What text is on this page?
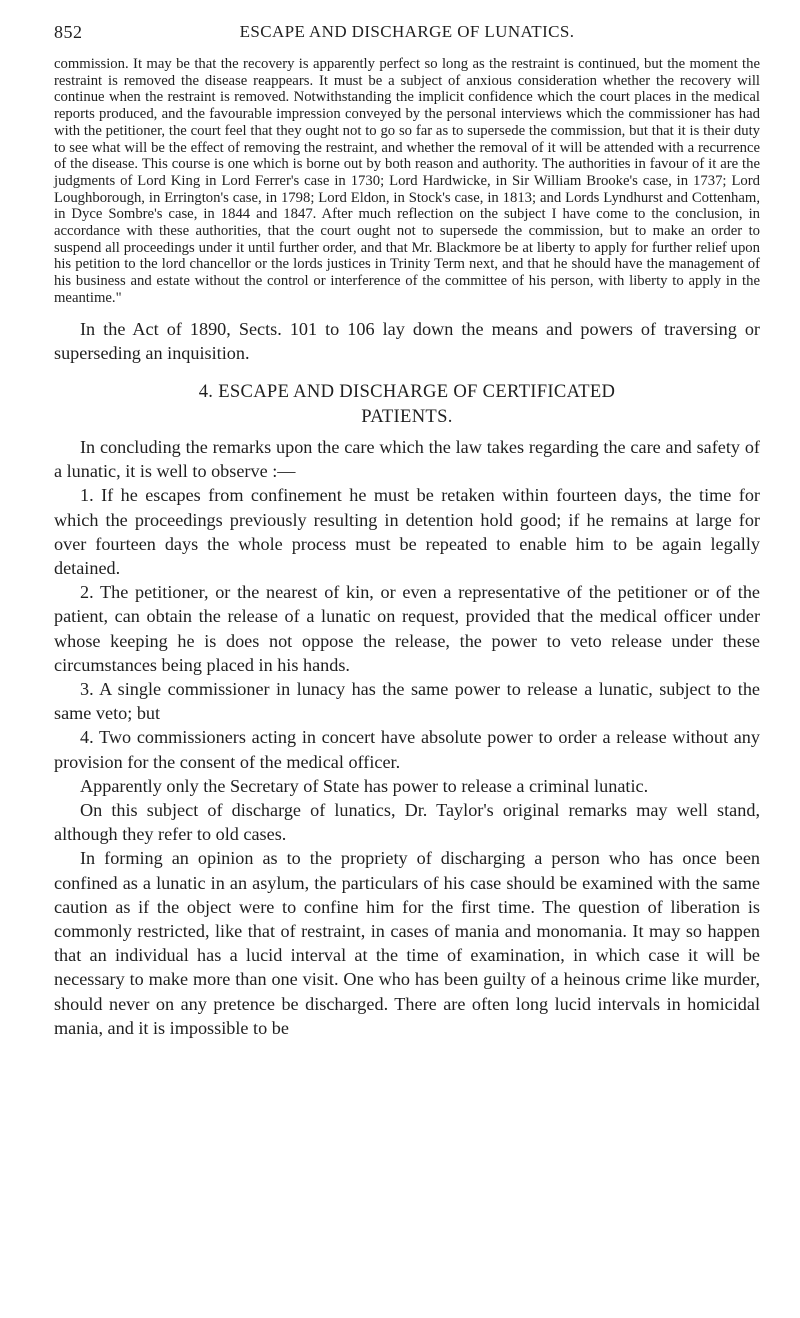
852	ESCAPE AND DISCHARGE OF LUNATICS.

commission. It may be that the recovery is apparently perfect so long as the restraint is continued, but the moment the restraint is removed the disease reappears. It must be a subject of anxious consideration whether the recovery will continue when the restraint is removed. Notwithstanding the implicit confidence which the court places in the medical reports produced, and the favourable impression conveyed by the personal interviews which the commissioner has had with the petitioner, the court feel that they ought not to go so far as to supersede the commission, but that it is their duty to see what will be the effect of removing the restraint, and whether the removal of it will be attended with a recurrence of the disease. This course is one which is borne out by both reason and authority. The authorities in favour of it are the judgments of Lord King in Lord Ferrer's case in 1730; Lord Hardwicke, in Sir William Brooke's case, in 1737; Lord Loughborough, in Errington's case, in 1798; Lord Eldon, in Stock's case, in 1813; and Lords Lyndhurst and Cottenham, in Dyce Sombre's case, in 1844 and 1847. After much reflection on the subject I have come to the conclusion, in accordance with these authorities, that the court ought not to supersede the commission, but to make an order to suspend all proceedings under it until further order, and that Mr. Blackmore be at liberty to apply for further relief upon his petition to the lord chancellor or the lords justices in Trinity Term next, and that he should have the management of his business and estate without the control or interference of the committee of his person, with liberty to apply in the meantime."

In the Act of 1890, Sects. 101 to 106 lay down the means and powers of traversing or superseding an inquisition.

4. ESCAPE AND DISCHARGE OF CERTIFICATED
PATIENTS.

In concluding the remarks upon the care which the law takes regarding the care and safety of a lunatic, it is well to observe :—

1. If he escapes from confinement he must be retaken within fourteen days, the time for which the proceedings previously resulting in detention hold good; if he remains at large for over fourteen days the whole process must be repeated to enable him to be again legally detained.

2. The petitioner, or the nearest of kin, or even a representative of the petitioner or of the patient, can obtain the release of a lunatic on request, provided that the medical officer under whose keeping he is does not oppose the release, the power to veto release under these circumstances being placed in his hands.

3. A single commissioner in lunacy has the same power to release a lunatic, subject to the same veto; but

4. Two commissioners acting in concert have absolute power to order a release without any provision for the consent of the medical officer.

Apparently only the Secretary of State has power to release a criminal lunatic.

On this subject of discharge of lunatics, Dr. Taylor's original remarks may well stand, although they refer to old cases.

In forming an opinion as to the propriety of discharging a person who has once been confined as a lunatic in an asylum, the particulars of his case should be examined with the same caution as if the object were to confine him for the first time. The question of liberation is commonly restricted, like that of restraint, in cases of mania and monomania. It may so happen that an individual has a lucid interval at the time of examination, in which case it will be necessary to make more than one visit. One who has been guilty of a heinous crime like murder, should never on any pretence be discharged. There are often long lucid intervals in homicidal mania, and it is impossible to be
